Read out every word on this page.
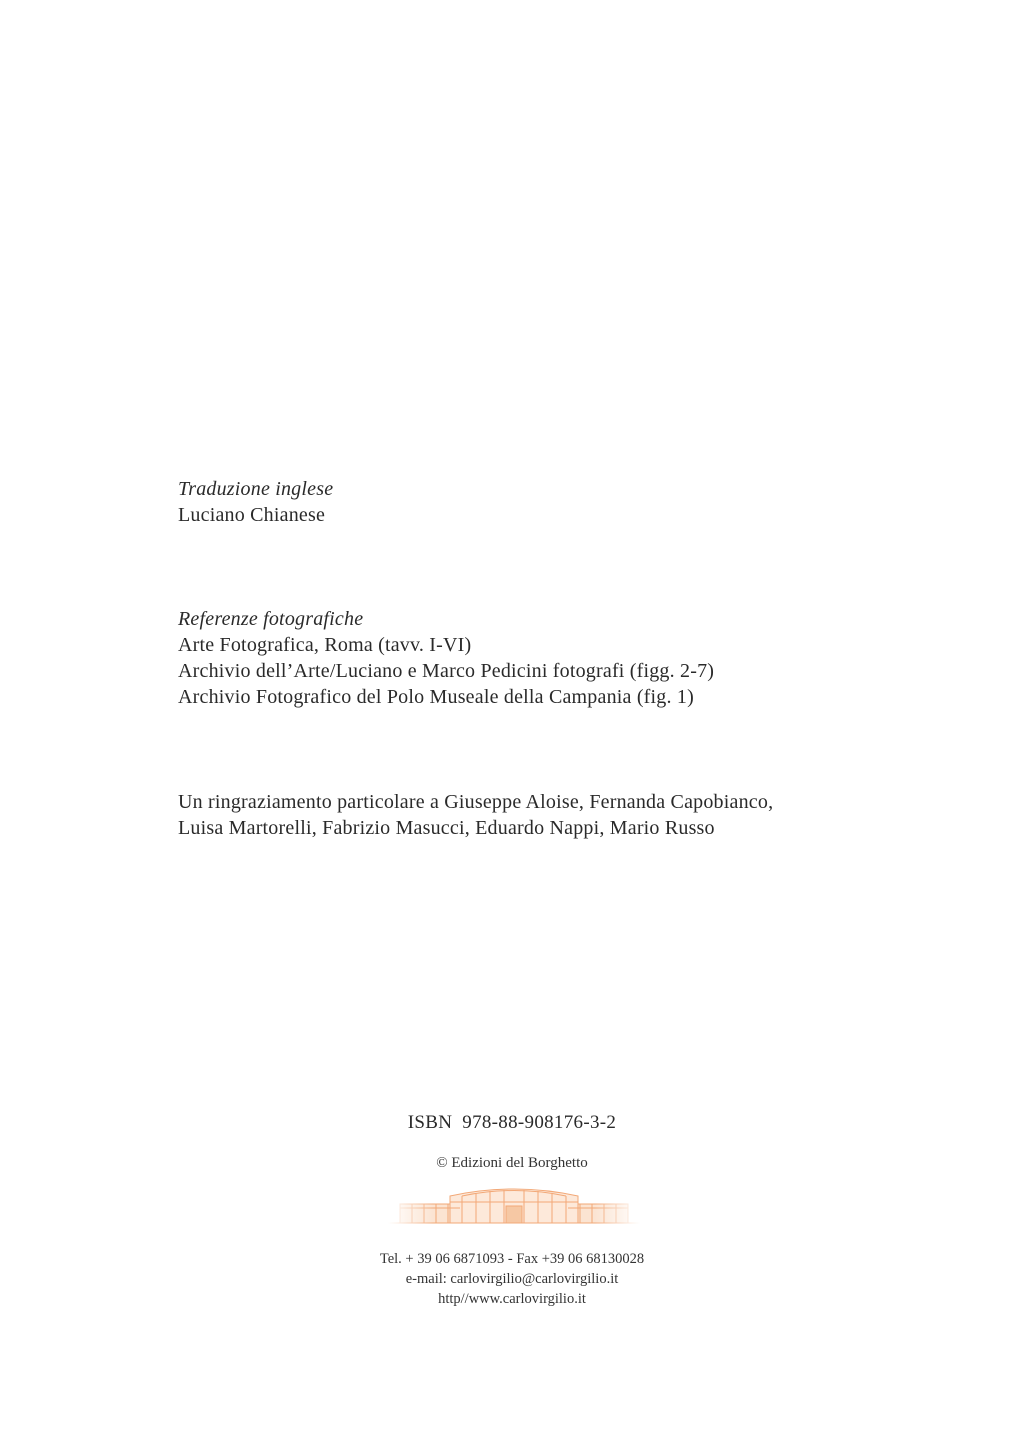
Traduzione inglese
Luciano Chianese
Referenze fotografiche
Arte Fotografica, Roma (tavv. I-VI)
Archivio dell’Arte/Luciano e Marco Pedicini fotografi (figg. 2-7)
Archivio Fotografico del Polo Museale della Campania (fig. 1)
Un ringraziamento particolare a Giuseppe Aloise, Fernanda Capobianco,
Luisa Martorelli, Fabrizio Masucci, Eduardo Nappi, Mario Russo
ISBN 978-88-908176-3-2
© Edizioni del Borghetto
Tel. + 39 06 6871093 - Fax +39 06 68130028
e-mail: carlovirgilio@carlovirgilio.it
http//www.carlovirgilio.it
